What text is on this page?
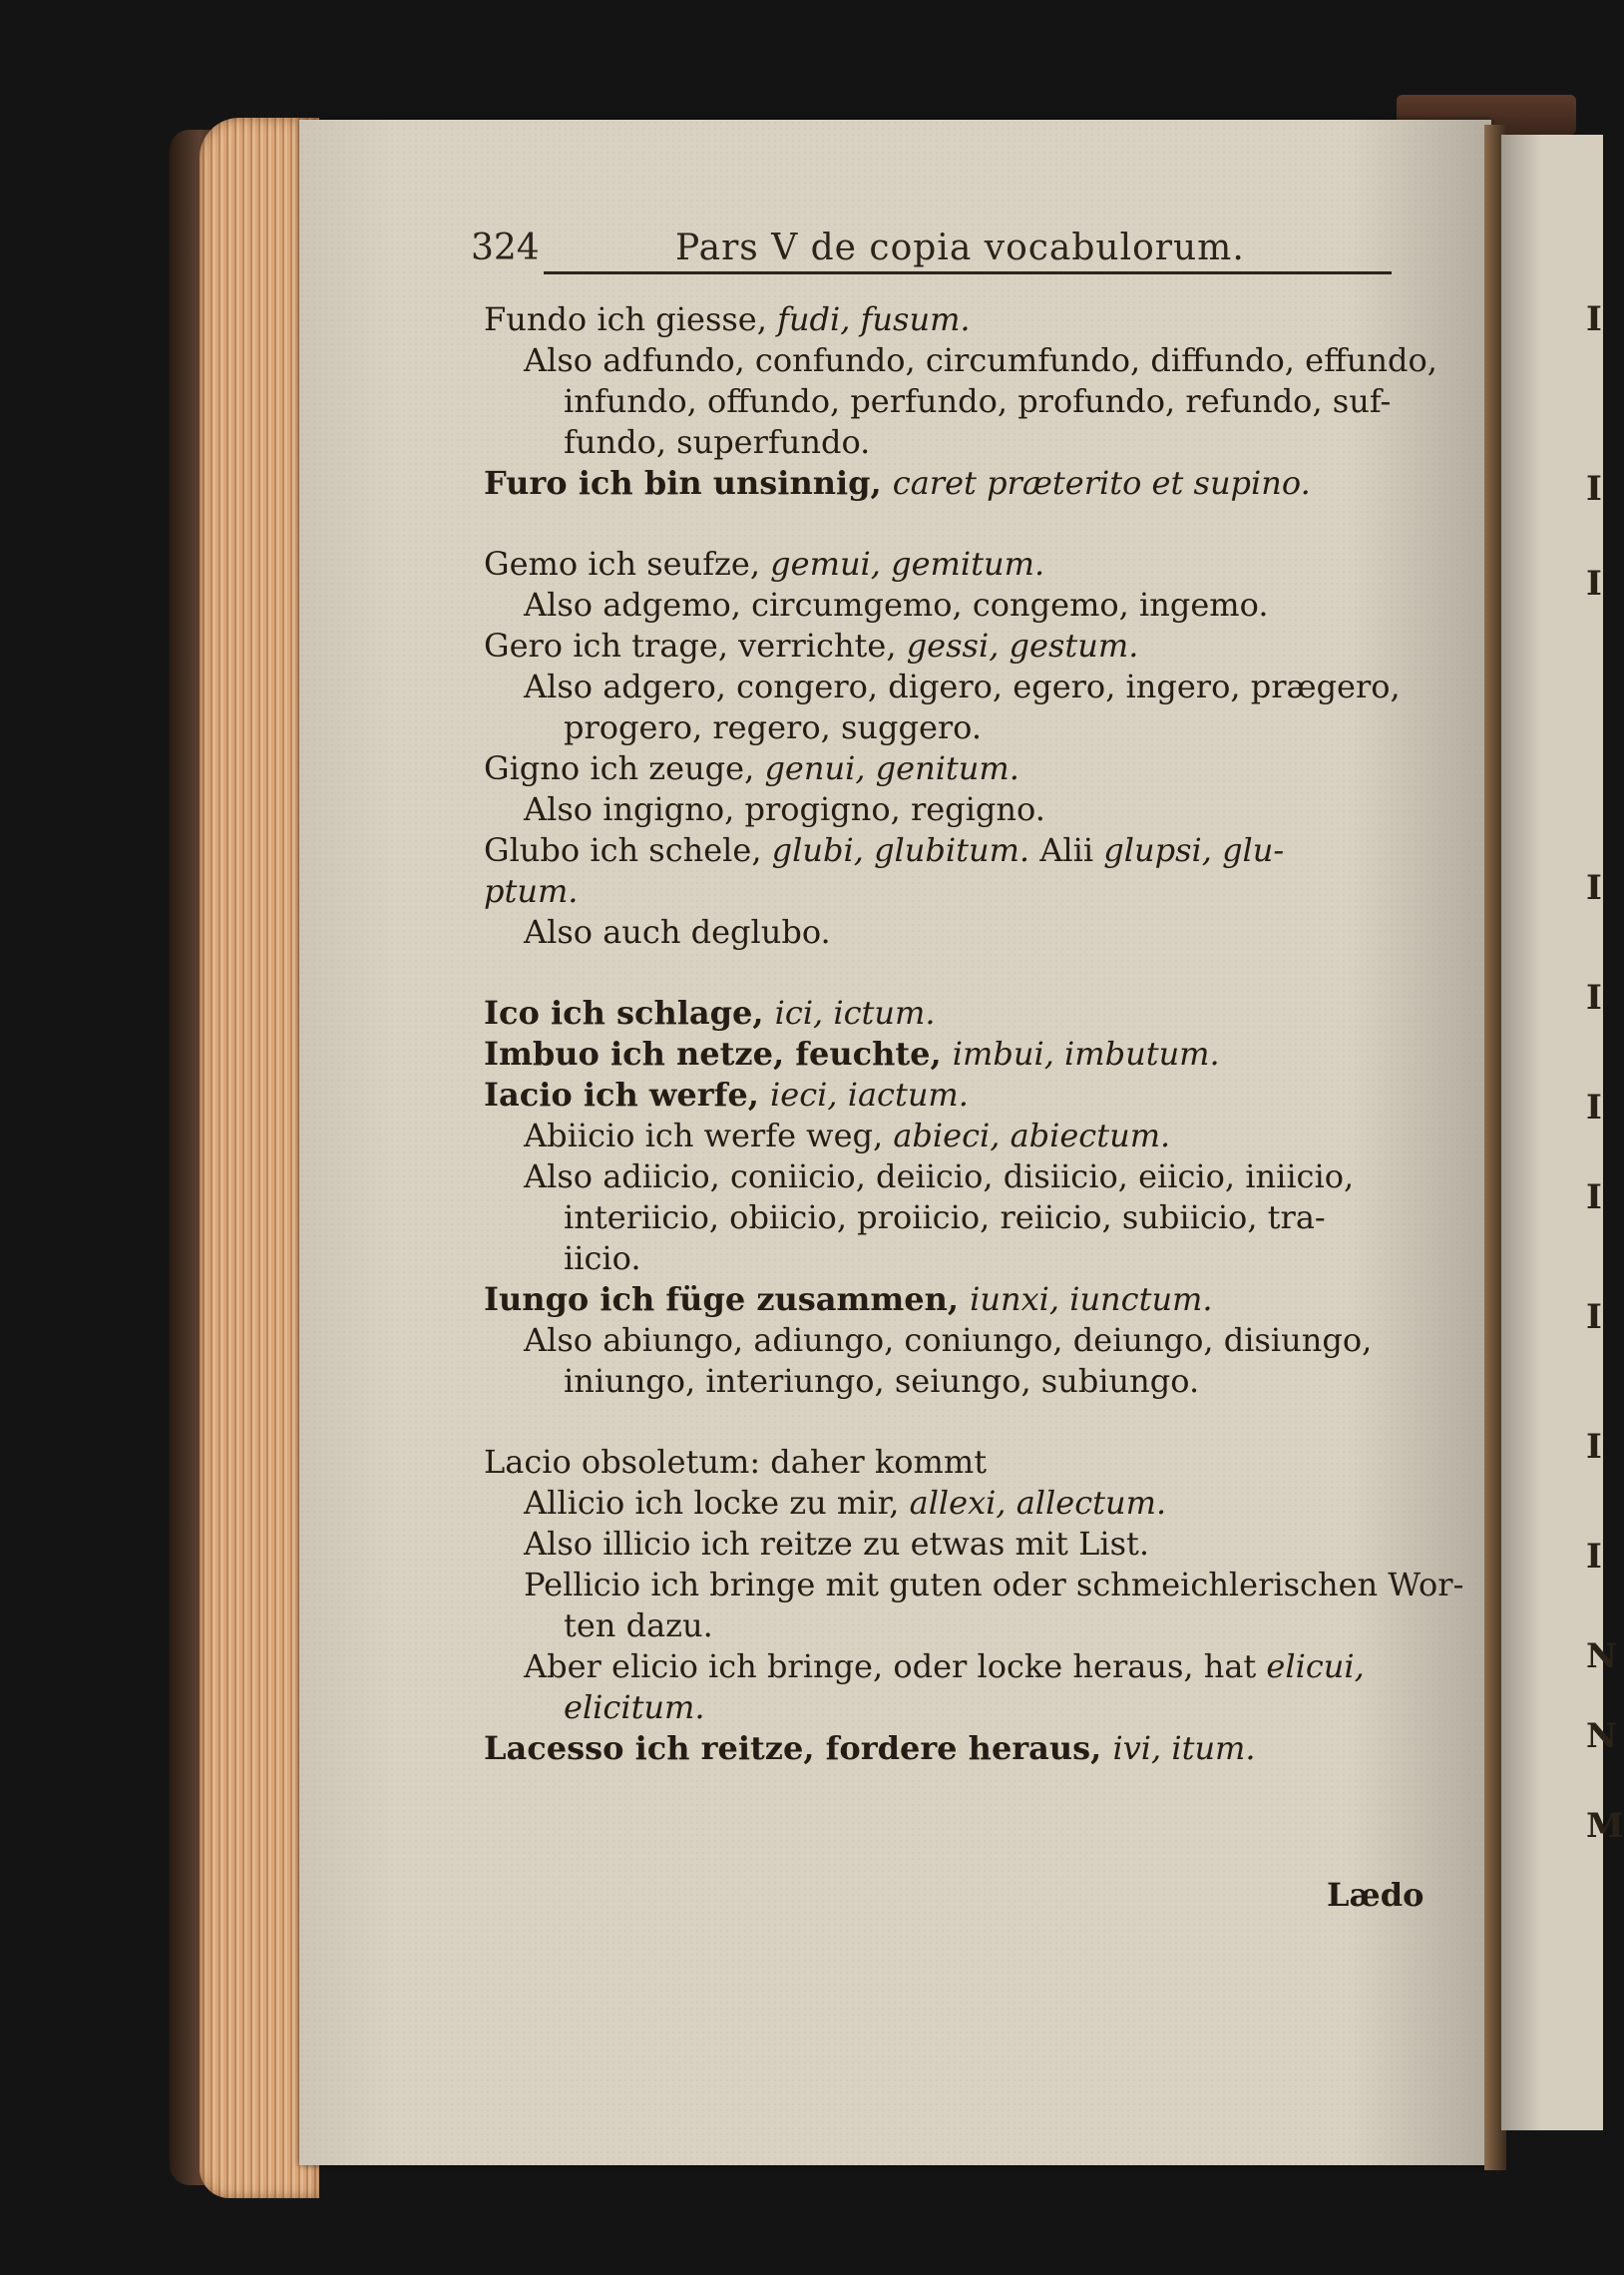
I
I
I
I
I
I
I
I
I
I
N
N
M
324	Pars V de copia vocabulorum.
Fundo ich giesse, fudi, fusum.
Also adfundo, confundo, circumfundo, diffundo, effundo,
infundo, offundo, perfundo, profundo, refundo, suf-
fundo, superfundo.
Furo ich bin unsinnig, caret præterito et supino.
Gemo ich seufze, gemui, gemitum.
Also adgemo, circumgemo, congemo, ingemo.
Gero ich trage, verrichte, gessi, gestum.
Also adgero, congero, digero, egero, ingero, prægero,
progero, regero, suggero.
Gigno ich zeuge, genui, genitum.
Also ingigno, progigno, regigno.
Glubo ich schele, glubi, glubitum. Alii glupsi, glu-
ptum.
Also auch deglubo.
Ico ich schlage, ici, ictum.
Imbuo ich netze, feuchte, imbui, imbutum.
Iacio ich werfe, ieci, iactum.
Abiicio ich werfe weg, abieci, abiectum.
Also adiicio, coniicio, deiicio, disiicio, eiicio, iniicio,
interiicio, obiicio, proiicio, reiicio, subiicio, tra-
iicio.
Iungo ich füge zusammen, iunxi, iunctum.
Also abiungo, adiungo, coniungo, deiungo, disiungo,
iniungo, interiungo, seiungo, subiungo.
Lacio obsoletum: daher kommt
Allicio ich locke zu mir, allexi, allectum.
Also illicio ich reitze zu etwas mit List.
Pellicio ich bringe mit guten oder schmeichlerischen Wor-
ten dazu.
Aber elicio ich bringe, oder locke heraus, hat elicui,
elicitum.
Lacesso ich reitze, fordere heraus, ivi, itum.
Lædo
